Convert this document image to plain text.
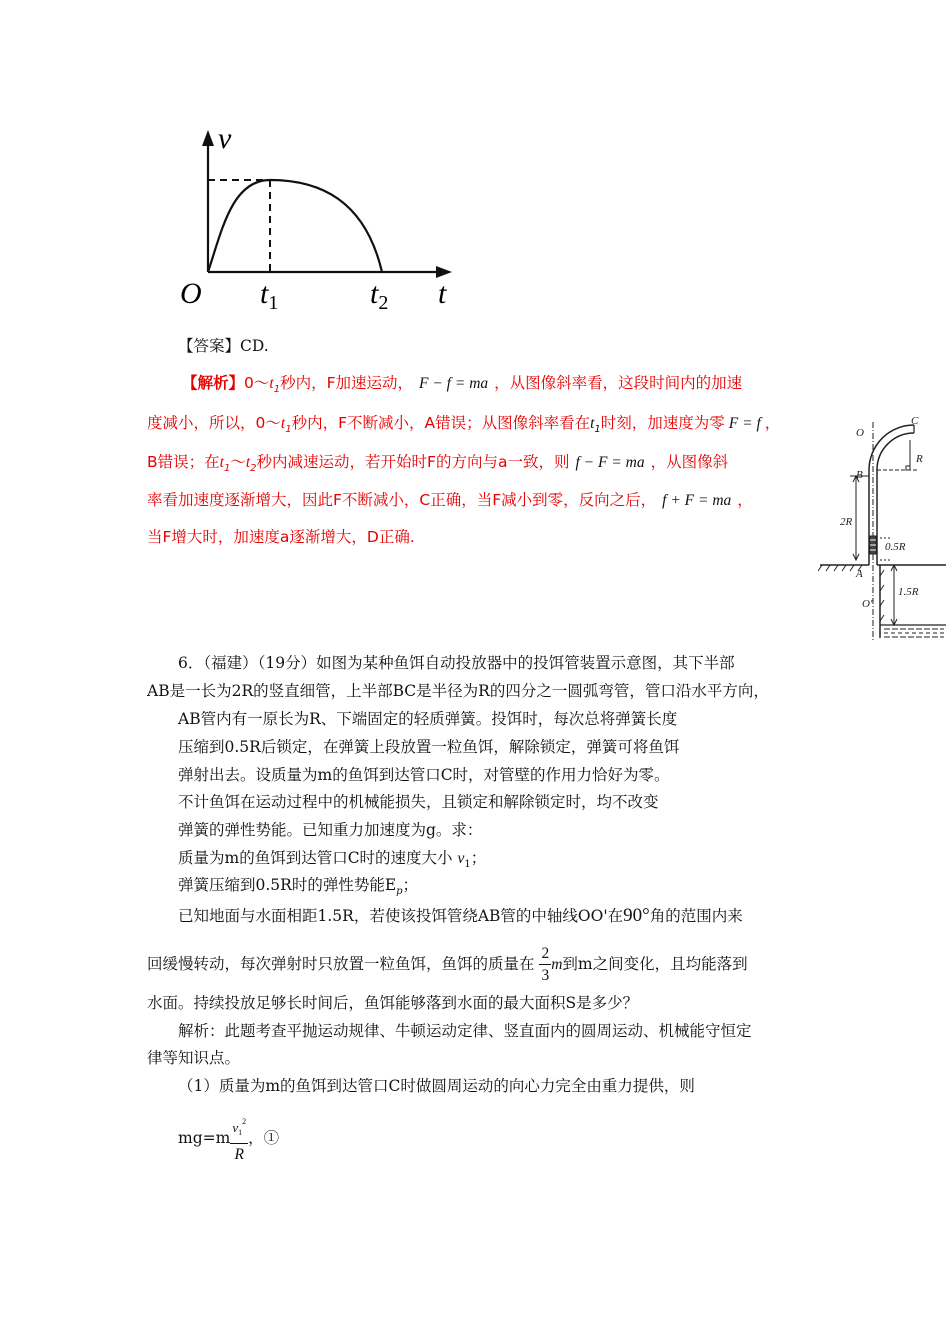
v
O $t_1$	$t_2$ t
【答案】CD.
【解析】$0\sim t_1$秒内，F加速运动， F − f = ma ，从图像斜率看，这段时间内的加速
度减小，所以，$0\sim t_1$秒内，F不断减小，A错误；从图像斜率看在$t_1$时刻，加速度为零 F = f ，
B错误；在$t_1\sim t_2$秒内减速运动，若开始时F的方向与a一致，则 f − F = ma ，从图像斜
率看加速度逐渐增大，因此F不断减小，C正确，当F减小到零，反向之后， f + F = ma ，
当F增大时，加速度a逐渐增大，D正确.
C
O
R
B
2R
0.5R
A
O'
1.5R
6．（福建）（19分）如图为某种鱼饵自动投放器中的投饵管装置示意图，其下半部
AB是一长为2R的竖直细管，上半部BC是半径为R的四分之一圆弧弯管，管口沿水平方向，
AB管内有一原长为R、下端固定的轻质弹簧。投饵时，每次总将弹簧长度
压缩到0.5R后锁定，在弹簧上段放置一粒鱼饵，解除锁定，弹簧可将鱼饵
弹射出去。设质量为m的鱼饵到达管口C时，对管壁的作用力恰好为零。
不计鱼饵在运动过程中的机械能损失，且锁定和解除锁定时，均不改变
弹簧的弹性势能。已知重力加速度为g。求：
质量为m的鱼饵到达管口C时的速度大小 $v_1$；
弹簧压缩到0.5R时的弹性势能$E_p$；
已知地面与水面相距1.5R，若使该投饵管绕AB管的中轴线OO'在90°角的范围内来
回缓慢转动，每次弹射时只放置一粒鱼饵，鱼饵的质量在 $\frac{2}{3}$ m到m之间变化，且均能落到
水面。持续投放足够长时间后，鱼饵能够落到水面的最大面积S是多少？
解析：此题考查平抛运动规律、牛顿运动定律、竖直面内的圆周运动、机械能守恒定
律等知识点。
（1）质量为m的鱼饵到达管口C时做圆周运动的向心力完全由重力提供，则
$mg=m \frac{v_1^2}{R}$ ，①
